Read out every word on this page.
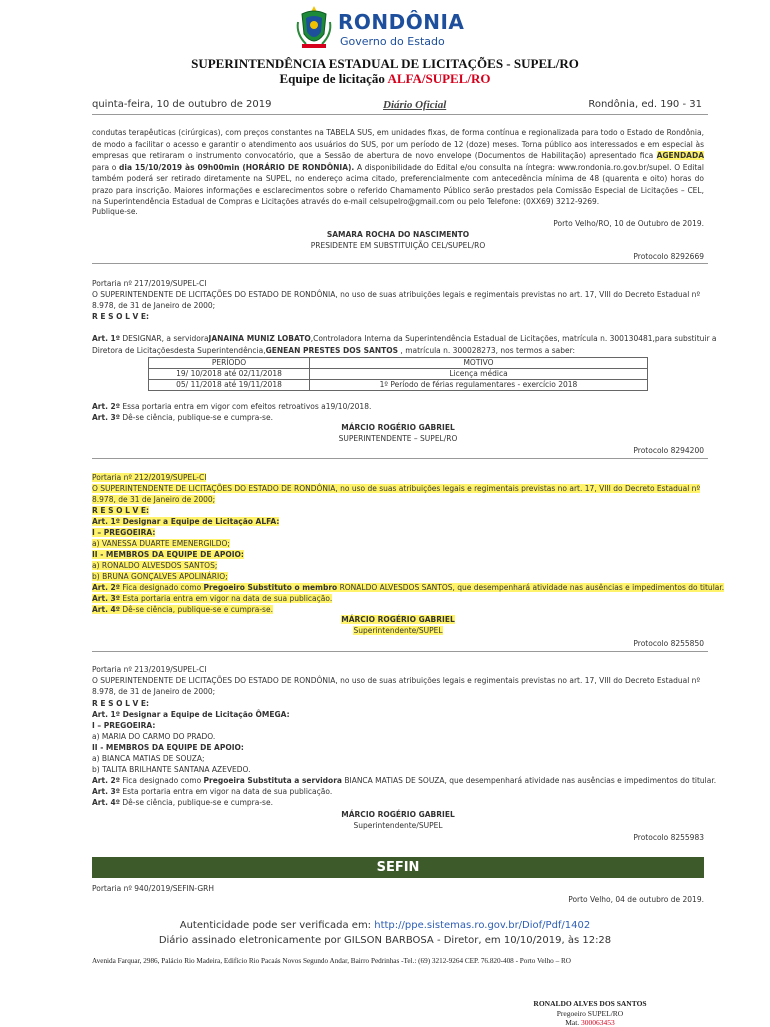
RONDÔNIA
Governo do Estado
SUPERINTENDÊNCIA ESTADUAL DE LICITAÇÕES - SUPEL/RO
Equipe de licitação ALFA/SUPEL/RO
quinta-feira, 10 de outubro de 2019	Diário Oficial	Rondônia, ed. 190 - 31
condutas terapêuticas (cirúrgicas), com preços constantes na TABELA SUS, em unidades fixas, de forma contínua e regionalizada para todo o Estado de Rondônia, de modo a facilitar o acesso e garantir o atendimento aos usuários do SUS, por um período de 12 (doze) meses. Torna público aos interessados e em especial às empresas que retiraram o instrumento convocatório, que a Sessão de abertura de novo envelope (Documentos de Habilitação) apresentado fica AGENDADA para o dia 15/10/2019 às 09h00min (HORÁRIO DE RONDÔNIA). A disponibilidade do Edital e/ou consulta na íntegra: www.rondonia.ro.gov.br/supel. O Edital também poderá ser retirado diretamente na SUPEL, no endereço acima citado, preferencialmente com antecedência mínima de 48 (quarenta e oito) horas do prazo para inscrição. Maiores informações e esclarecimentos sobre o referido Chamamento Público serão prestados pela Comissão Especial de Licitações – CEL, na Superintendência Estadual de Compras e Licitações através do e-mail celsupelro@gmail.com ou pelo Telefone: (0XX69) 3212-9269.
Publique-se.
Porto Velho/RO, 10 de Outubro de 2019.
SAMARA ROCHA DO NASCIMENTO
PRESIDENTE EM SUBSTITUIÇÃO CEL/SUPEL/RO
Protocolo 8292669
Portaria nº 217/2019/SUPEL-CI
O SUPERINTENDENTE DE LICITAÇÕES DO ESTADO DE RONDÔNIA, no uso de suas atribuições legais e regimentais previstas no art. 17, VIII do Decreto Estadual nº
8.978, de 31 de Janeiro de 2000;
R E S O L V E:
Art. 1º DESIGNAR, a servidoraJANAINA MUNIZ LOBATO,Controladora Interna da Superintendência Estadual de Licitações, matrícula n. 300130481,para substituir a
Diretora de Licitaçõesdesta Superintendência,GENEAN PRESTES DOS SANTOS , matrícula n. 300028273, nos termos a saber:
PERÍODO	MOTIVO
19/ 10/2018 até 02/11/2018	Licença médica
05/ 11/2018 até 19/11/2018	1º Período de férias regulamentares - exercício 2018
Art. 2º Essa portaria entra em vigor com efeitos retroativos a19/10/2018.
Art. 3º Dê-se ciência, publique-se e cumpra-se.
MÁRCIO ROGÉRIO GABRIEL
SUPERINTENDENTE – SUPEL/RO
Protocolo 8294200
Portaria nº 212/2019/SUPEL-CI
O SUPERINTENDENTE DE LICITAÇÕES DO ESTADO DE RONDÔNIA, no uso de suas atribuições legais e regimentais previstas no art. 17, VIII do Decreto Estadual nº
8.978, de 31 de Janeiro de 2000;
R E S O L V E:
Art. 1º Designar a Equipe de Licitação ALFA:
I – PREGOEIRA:
a) VANESSA DUARTE EMENERGILDO;
II - MEMBROS DA EQUIPE DE APOIO:
a) RONALDO ALVESDOS SANTOS;
b) BRUNA GONÇALVES APOLINÁRIO;
Art. 2º Fica designado como Pregoeiro Substituto o membro RONALDO ALVESDOS SANTOS, que desempenhará atividade nas ausências e impedimentos do titular.
Art. 3º Esta portaria entra em vigor na data de sua publicação.
Art. 4º Dê-se ciência, publique-se e cumpra-se.
MÁRCIO ROGÉRIO GABRIEL
Superintendente/SUPEL
Protocolo 8255850
Portaria nº 213/2019/SUPEL-CI
O SUPERINTENDENTE DE LICITAÇÕES DO ESTADO DE RONDÔNIA, no uso de suas atribuições legais e regimentais previstas no art. 17, VIII do Decreto Estadual nº
8.978, de 31 de Janeiro de 2000;
R E S O L V E:
Art. 1º Designar a Equipe de Licitação ÔMEGA:
I – PREGOEIRA:
a) MARIA DO CARMO DO PRADO.
II - MEMBROS DA EQUIPE DE APOIO:
a) BIANCA MATIAS DE SOUZA;
b) TALITA BRILHANTE SANTANA AZEVEDO.
Art. 2º Fica designado como Pregoeira Substituta a servidora BIANCA MATIAS DE SOUZA, que desempenhará atividade nas ausências e impedimentos do titular.
Art. 3º Esta portaria entra em vigor na data de sua publicação.
Art. 4º Dê-se ciência, publique-se e cumpra-se.
MÁRCIO ROGÉRIO GABRIEL
Superintendente/SUPEL
Protocolo 8255983
SEFIN
Portaria nº 940/2019/SEFIN-GRH
Porto Velho, 04 de outubro de 2019.
Autenticidade pode ser verificada em: http://ppe.sistemas.ro.gov.br/Diof/Pdf/1402
Diário assinado eletronicamente por GILSON BARBOSA - Diretor, em 10/10/2019, às 12:28
Avenida Farquar, 2986, Palácio Rio Madeira, Edifício Rio Pacaás Novos Segundo Andar, Bairro Pedrinhas -Tel.: (69) 3212-9264 CEP. 76.820-408 - Porto Velho – RO
RONALDO ALVES DOS SANTOS
Pregoeiro SUPEL/RO
Mat. 300063453
